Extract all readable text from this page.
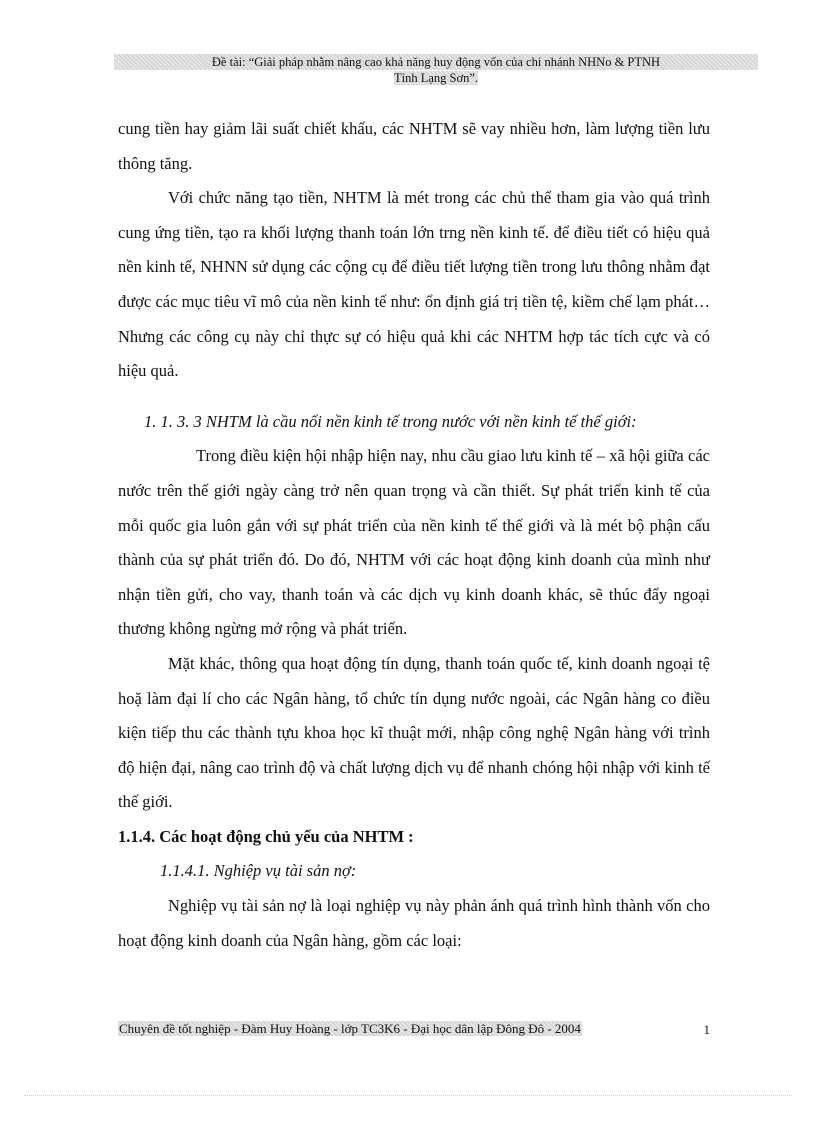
Đề tài: “Giải pháp nhằm nâng cao khả năng huy động vốn của chi nhánh NHNo & PTNH
Tỉnh Lạng Sơn”.

cung tiền hay giảm lãi suất chiết khấu, các NHTM sẽ vay nhiều hơn, làm lượng tiền lưu thông tăng.

Với chức năng tạo tiền, NHTM là mét trong các chủ thể tham gia vào quá trình cung ứng tiền, tạo ra khối lượng thanh toán lớn trng nền kinh tế. để điều tiết có hiệu quả nền kinh tế, NHNN sử dụng các cộng cụ để điều tiết lượng tiền trong lưu thông nhằm đạt được các mục tiêu vĩ mô của nền kinh tế như: ổn định giá trị tiền tệ, kiềm chế lạm phát… Nhưng các công cụ này chỉ thực sự có hiệu quả khi các NHTM hợp tác tích cực và có hiệu quả.

1. 1. 3. 3 NHTM là cầu nối nền kinh tế trong nước với nền kinh tế thế giới:

Trong điều kiện hội nhập hiện nay, nhu cầu giao lưu kinh tế – xã hội giữa các nước trên thế giới ngày càng trở nên quan trọng và cần thiết. Sự phát triển kinh tế của mỗi quốc gia luôn gắn với sự phát triển của nền kinh tế thế giới và là mét bộ phận cấu thành của sự phát triển đó. Do đó, NHTM với các hoạt động kinh doanh của mình như nhận tiền gửi, cho vay, thanh toán và các dịch vụ kinh doanh khác, sẽ thúc đẩy ngoại thương không ngừng mở rộng và phát triển.

Mặt khác, thông qua hoạt động tín dụng, thanh toán quốc tế, kinh doanh ngoại tệ hoặ làm đại lí cho các Ngân hàng, tổ chức tín dụng nước ngoài, các Ngân hàng co điều kiện tiếp thu các thành tựu khoa học kĩ thuật mới, nhập công nghệ Ngân hàng với trình độ hiện đại, nâng cao trình độ và chất lượng dịch vụ để nhanh chóng hội nhập với kinh tế thế giới.

1.1.4. Các hoạt động chủ yếu của NHTM :

1.1.4.1. Nghiệp vụ tài sản nợ:

Nghiệp vụ tài sản nợ là loại nghiệp vụ này phản ánh quá trình hình thành vốn cho hoạt động kinh doanh của Ngân hàng, gồm các loại:

Chuyên đề tốt nghiệp - Đàm Huy Hoàng - lớp TC3K6 - Đại học dân lập Đông Đô - 2004	1
